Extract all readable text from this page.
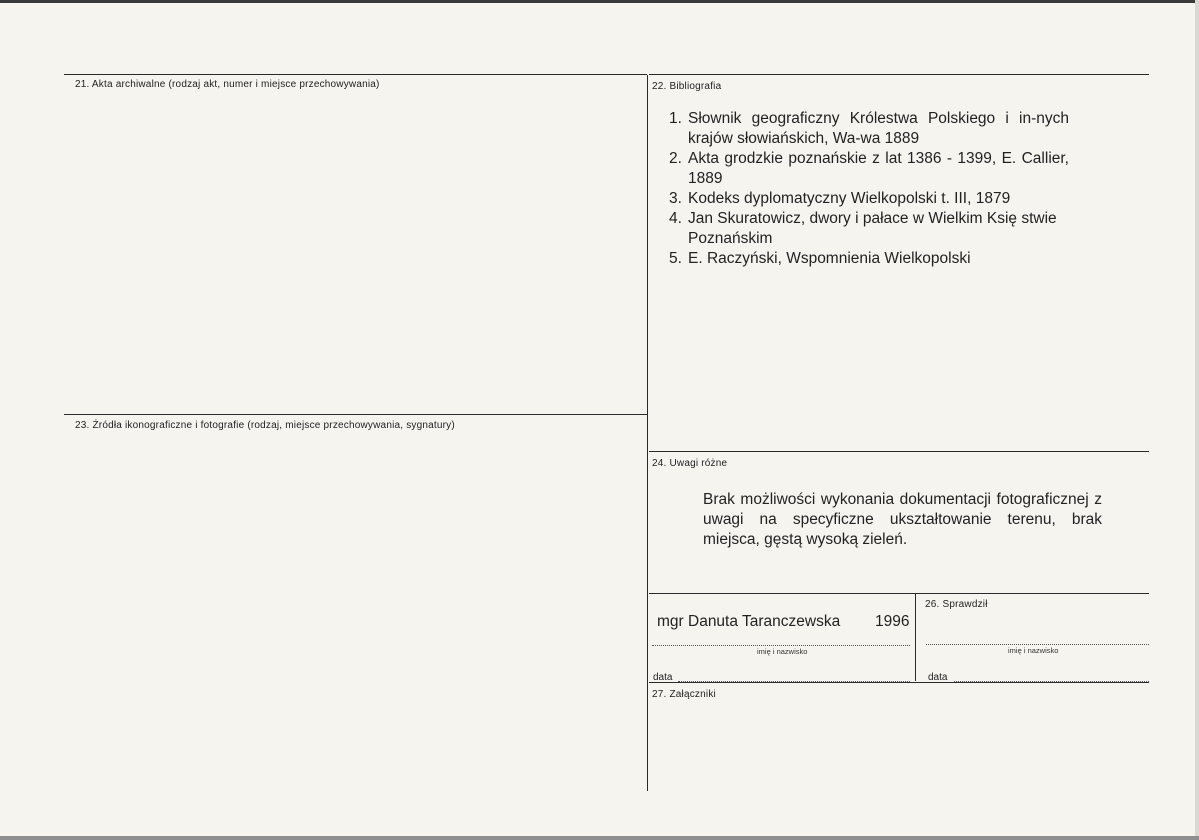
21. Akta archiwalne (rodzaj akt, numer i miejsce przechowywania)	22. Bibliografia
1. Słownik geograficzny Królestwa Polskiego i in-nych krajów słowiańskich, Wa-wa 1889
2. Akta grodzkie poznańskie z lat 1386 - 1399, E. Callier, 1889
3. Kodeks dyplomatyczny Wielkopolski t. III, 1879
4. Jan Skuratowicz, dwory i pałace w Wielkim Księ stwie Poznańskim
5. E. Raczyński, Wspomnienia Wielkopolski
23. Źródła ikonograficzne i fotografie (rodzaj, miejsce przechowywania, sygnatury)
24. Uwagi różne
Brak możliwości wykonania dokumentacji fotograficznej z uwagi na specyficzne ukształtowanie terenu, brak miejsca, gęstą wysoką zieleń.
mgr Danuta Taranczewska 1996
imię i nazwisko
data
26. Sprawdził
imię i nazwisko
data
27. Załączniki
